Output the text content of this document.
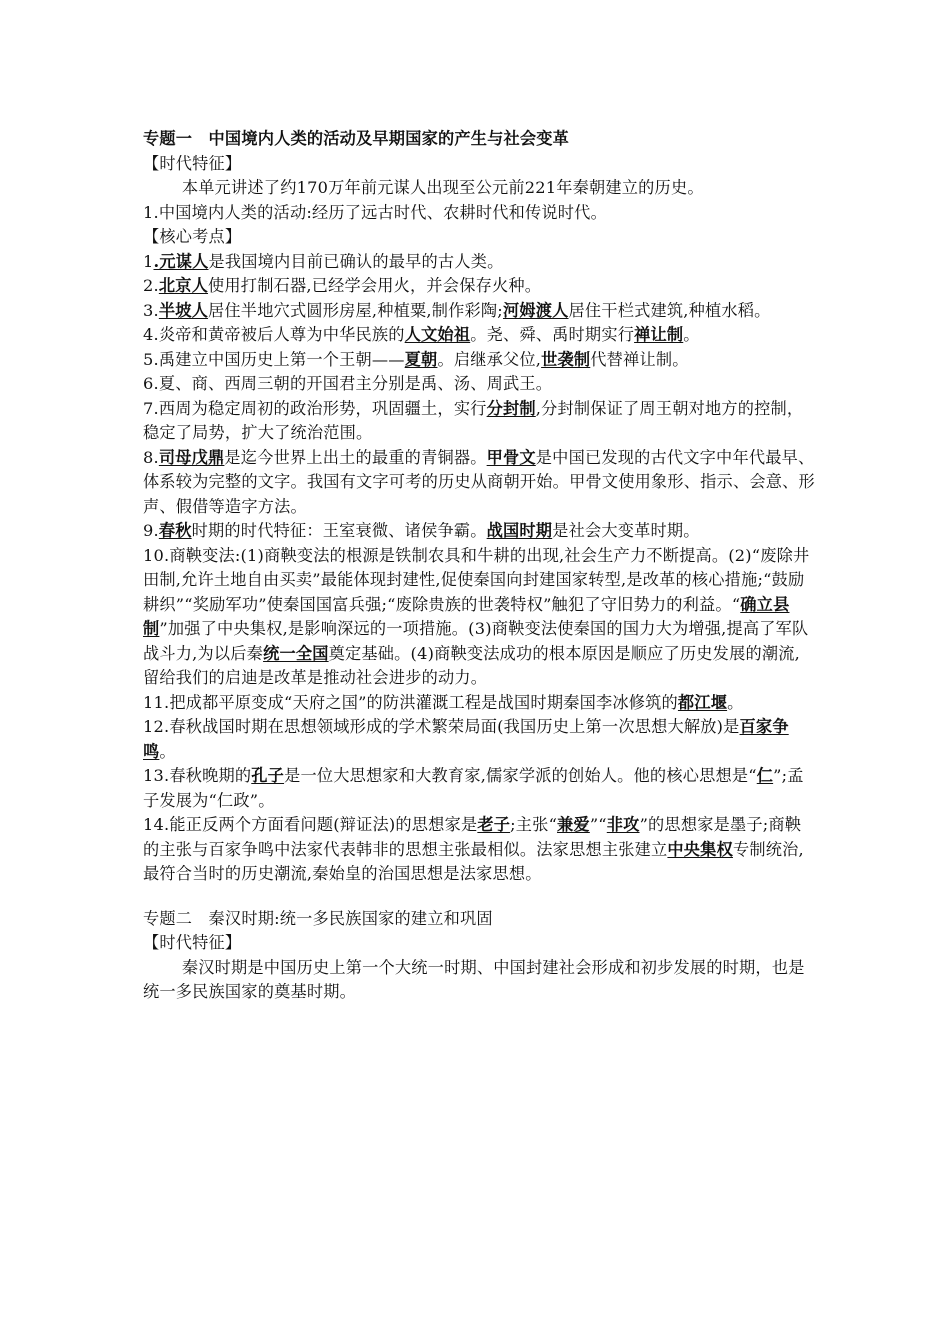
专题一　中国境内人类的活动及早期国家的产生与社会变革

【时代特征】

本单元讲述了约170万年前元谋人出现至公元前221年秦朝建立的历史。

1.中国境内人类的活动:经历了远古时代、农耕时代和传说时代。

【核心考点】

1.元谋人是我国境内目前已确认的最早的古人类。

2.北京人使用打制石器,已经学会用火，并会保存火种。

3.半坡人居住半地穴式圆形房屋,种植粟,制作彩陶;河姆渡人居住干栏式建筑,种植水稻。

4.炎帝和黄帝被后人尊为中华民族的人文始祖。尧、舜、禹时期实行禅让制。

5.禹建立中国历史上第一个王朝——夏朝。启继承父位,世袭制代替禅让制。

6.夏、商、西周三朝的开国君主分别是禹、汤、周武王。

7.西周为稳定周初的政治形势，巩固疆土，实行分封制,分封制保证了周王朝对地方的控制，稳定了局势，扩大了统治范围。

8.司母戊鼎是迄今世界上出土的最重的青铜器。甲骨文是中国已发现的古代文字中年代最早、体系较为完整的文字。我国有文字可考的历史从商朝开始。甲骨文使用象形、指示、会意、形声、假借等造字方法。

9.春秋时期的时代特征：王室衰微、诸侯争霸。战国时期是社会大变革时期。

10.商鞅变法:(1)商鞅变法的根源是铁制农具和牛耕的出现,社会生产力不断提高。(2)“废除井田制,允许土地自由买卖”最能体现封建性,促使秦国向封建国家转型,是改革的核心措施;“鼓励耕织”“奖励军功”使秦国国富兵强;“废除贵族的世袭特权”触犯了守旧势力的利益。“确立县制”加强了中央集权,是影响深远的一项措施。(3)商鞅变法使秦国的国力大为增强,提高了军队战斗力,为以后秦统一全国奠定基础。(4)商鞅变法成功的根本原因是顺应了历史发展的潮流,留给我们的启迪是改革是推动社会进步的动力。

11.把成都平原变成“天府之国”的防洪灌溉工程是战国时期秦国李冰修筑的都江堰。

12.春秋战国时期在思想领域形成的学术繁荣局面(我国历史上第一次思想大解放)是百家争鸣。

13.春秋晚期的孔子是一位大思想家和大教育家,儒家学派的创始人。他的核心思想是“仁”;孟子发展为“仁政”。

14.能正反两个方面看问题(辩证法)的思想家是老子;主张“兼爱”“非攻”的思想家是墨子;商鞅的主张与百家争鸣中法家代表韩非的思想主张最相似。法家思想主张建立中央集权专制统治,最符合当时的历史潮流,秦始皇的治国思想是法家思想。

专题二　秦汉时期:统一多民族国家的建立和巩固

【时代特征】

秦汉时期是中国历史上第一个大统一时期、中国封建社会形成和初步发展的时期，也是统一多民族国家的奠基时期。
